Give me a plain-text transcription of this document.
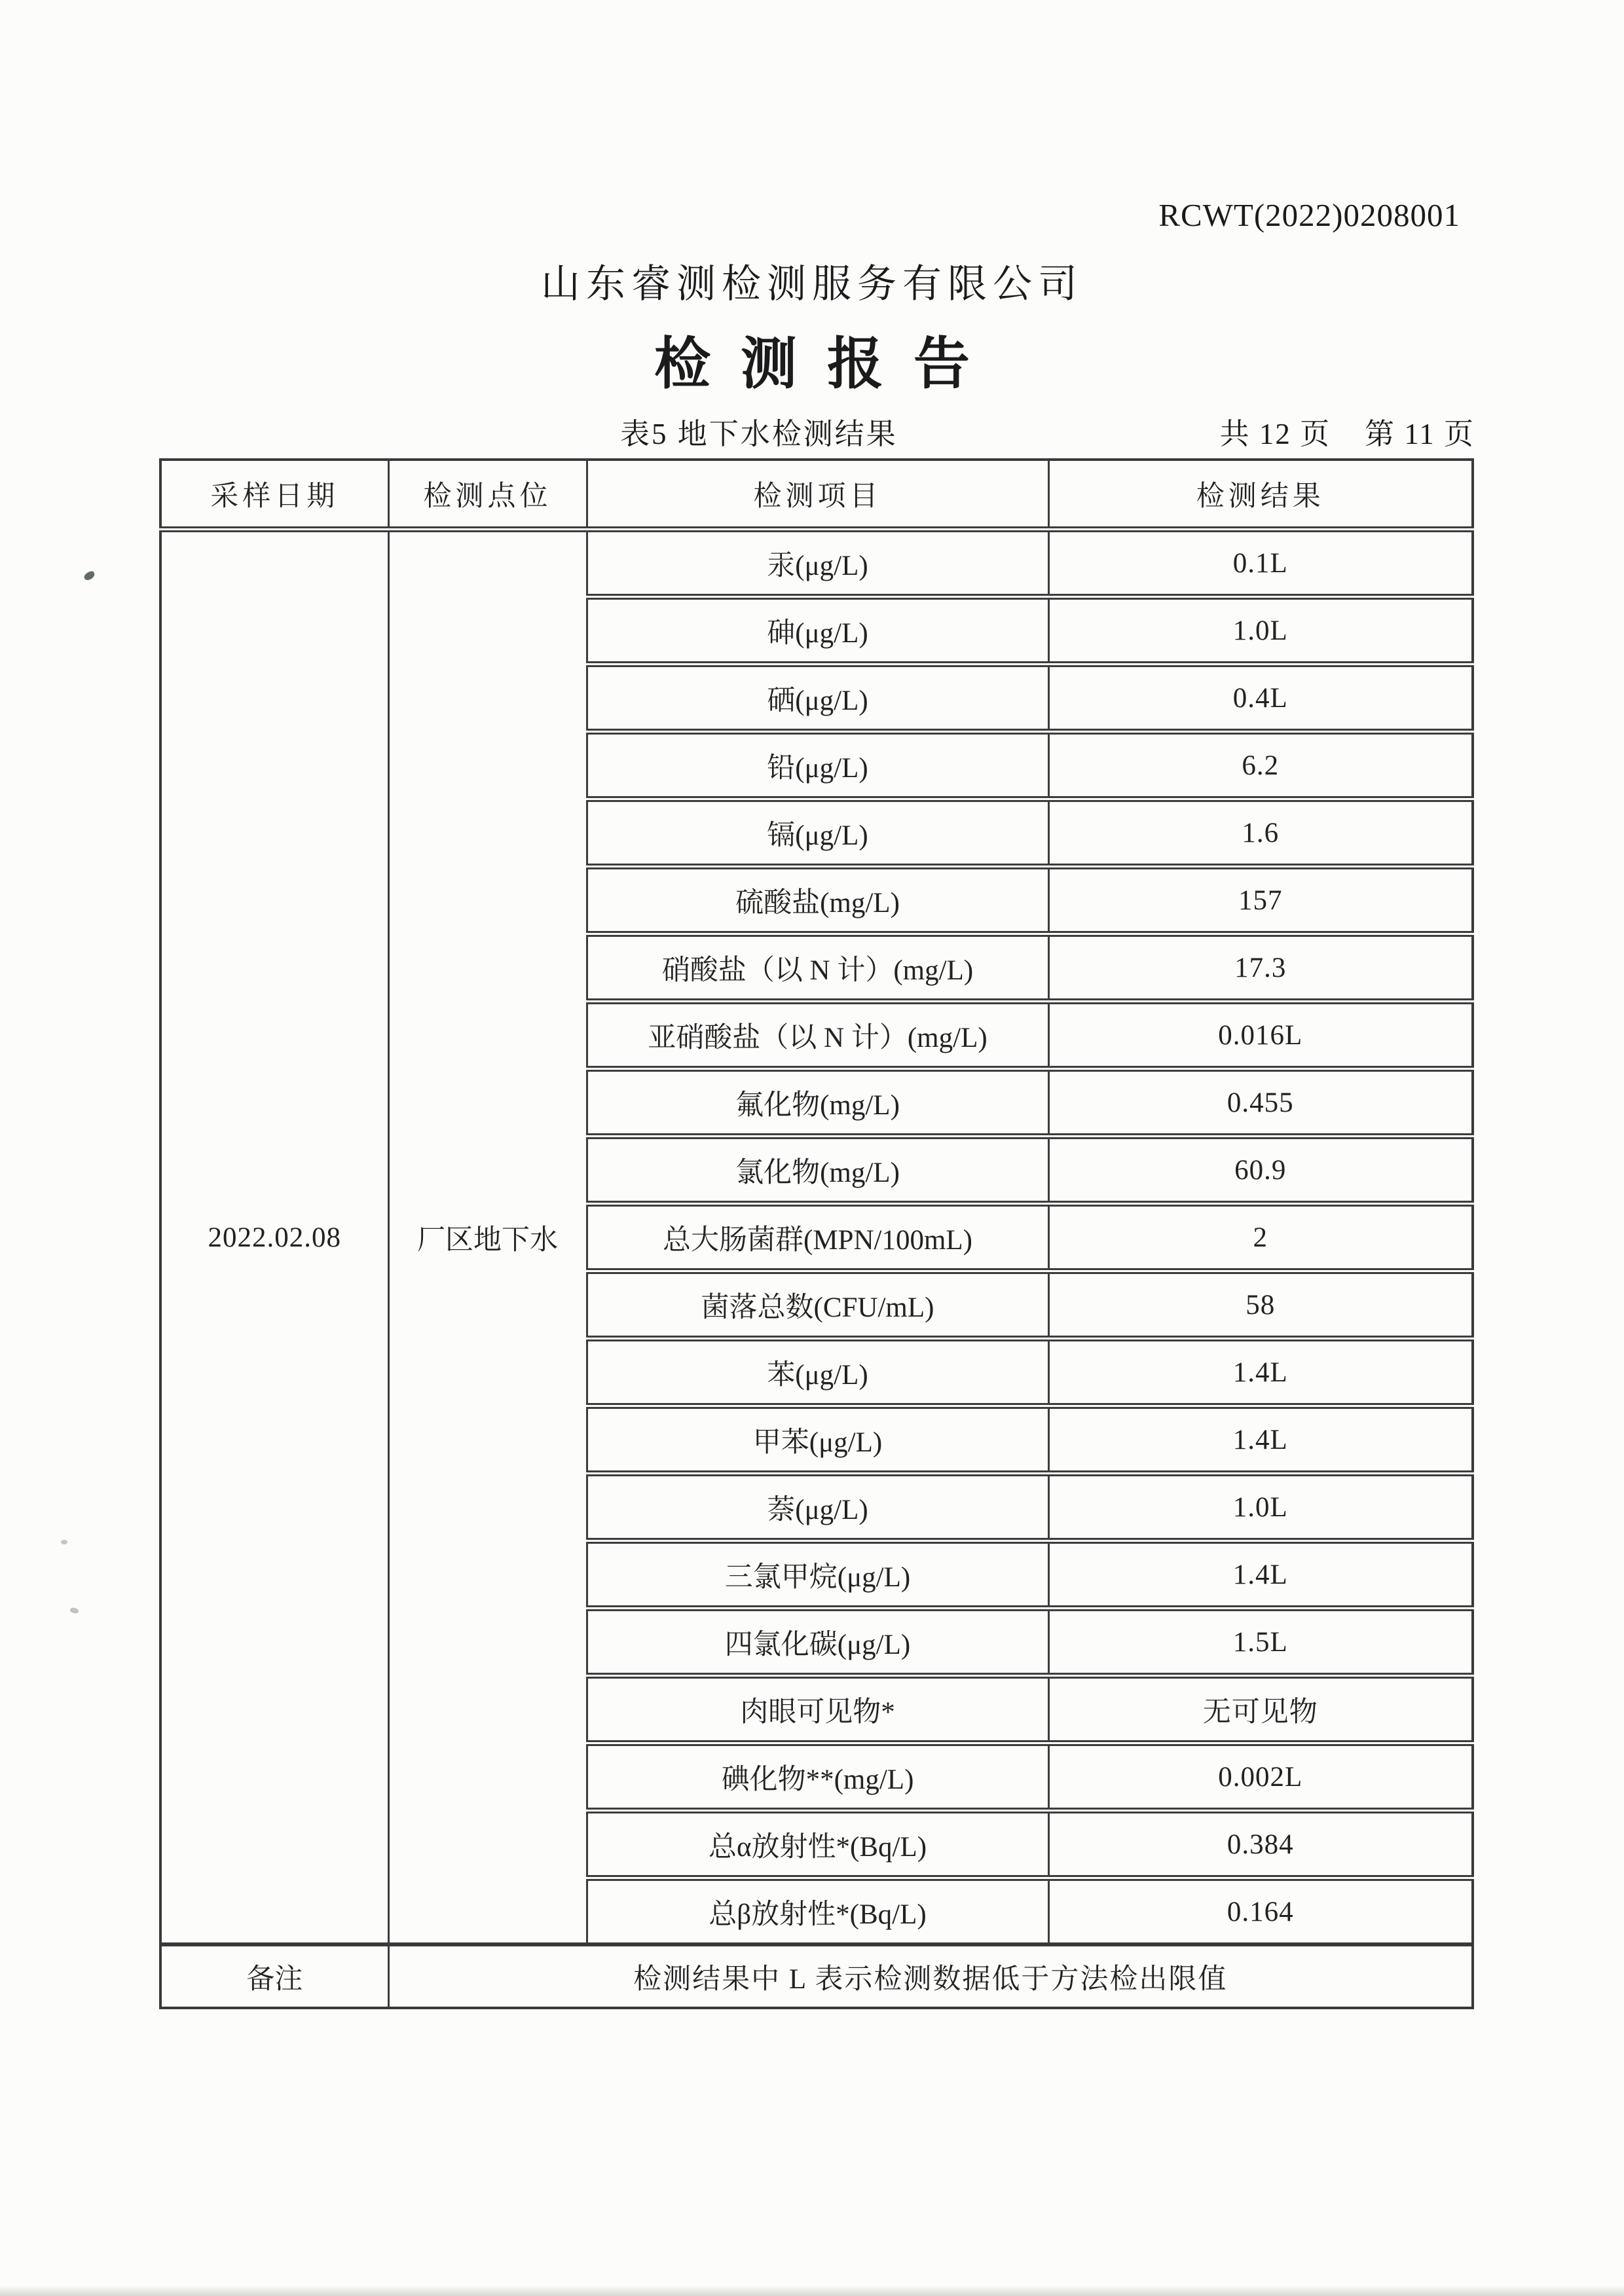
RCWT(2022)0208001
山东睿测检测服务有限公司
检测报告
表5 地下水检测结果	共 12 页 第 11 页
采样日期	检测点位	检测项目	检测结果
2022.02.08	厂区地下水	汞(μg/L)	0.1L
		砷(μg/L)	1.0L
		硒(μg/L)	0.4L
		铅(μg/L)	6.2
		镉(μg/L)	1.6
		硫酸盐(mg/L)	157
		硝酸盐（以 N 计）(mg/L)	17.3
		亚硝酸盐（以 N 计）(mg/L)	0.016L
		氟化物(mg/L)	0.455
		氯化物(mg/L)	60.9
		总大肠菌群(MPN/100mL)	2
		菌落总数(CFU/mL)	58
		苯(μg/L)	1.4L
		甲苯(μg/L)	1.4L
		萘(μg/L)	1.0L
		三氯甲烷(μg/L)	1.4L
		四氯化碳(μg/L)	1.5L
		肉眼可见物*	无可见物
		碘化物**(mg/L)	0.002L
		总α放射性*(Bq/L)	0.384
		总β放射性*(Bq/L)	0.164
备注	检测结果中 L 表示检测数据低于方法检出限值		
